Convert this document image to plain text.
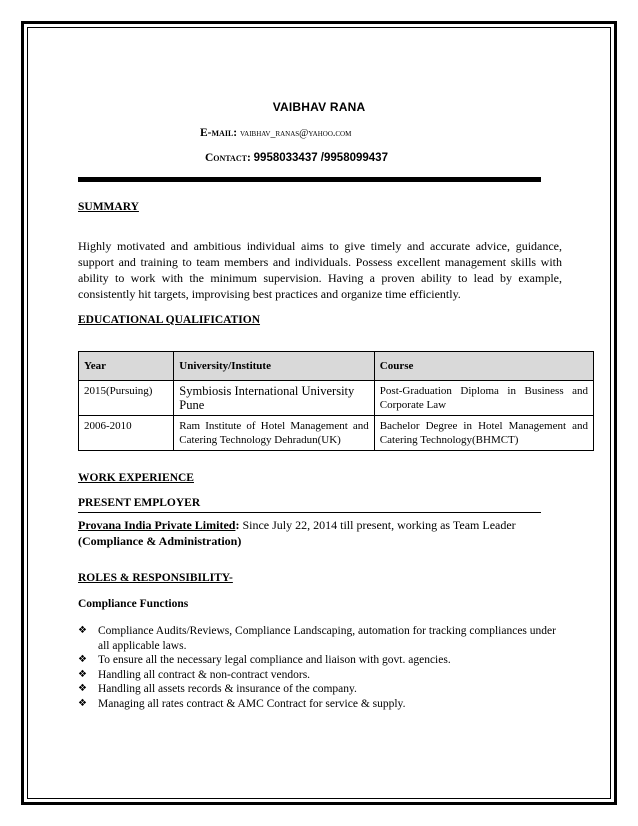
VAIBHAV RANA
E-mail: vaibhav_ranas@yahoo.com
Contact: 9958033437 /9958099437
SUMMARY
Highly motivated and ambitious individual aims to give timely and accurate advice, guidance, support and training to team members and individuals. Possess excellent management skills with ability to work with the minimum supervision. Having a proven ability to lead by example, consistently hit targets, improvising best practices and organize time efficiently.
EDUCATIONAL QUALIFICATION
Year	University/Institute	Course
2015(Pursuing)	Symbiosis International University Pune	Post-Graduation Diploma in Business and Corporate Law
2006-2010	Ram Institute of Hotel Management and Catering Technology Dehradun(UK)	Bachelor Degree in Hotel Management and Catering Technology(BHMCT)
WORK EXPERIENCE
PRESENT EMPLOYER
Provana India Private Limited: Since July 22, 2014 till present, working as Team Leader
(Compliance & Administration)
ROLES & RESPONSIBILITY-
Compliance Functions
❖ Compliance Audits/Reviews, Compliance Landscaping, automation for tracking compliances under all applicable laws.
❖ To ensure all the necessary legal compliance and liaison with govt. agencies.
❖ Handling all contract & non-contract vendors.
❖ Handling all assets records & insurance of the company.
❖ Managing all rates contract & AMC Contract for service & supply.
